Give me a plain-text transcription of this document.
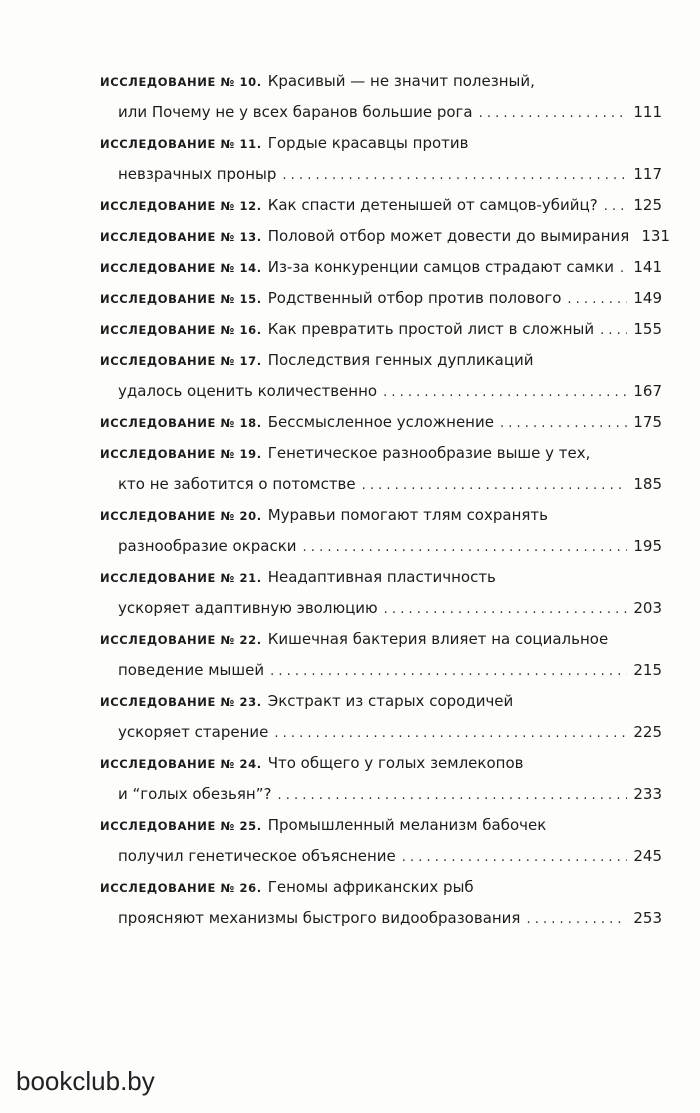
ИССЛЕДОВАНИЕ № 10. Красивый — не значит полезный,
или Почему не у всех баранов большие рога . . .	111
ИССЛЕДОВАНИЕ № 11. Гордые красавцы против
невзрачных проныр . . .	117
ИССЛЕДОВАНИЕ № 12. Как спасти детенышей от самцов-убийц? . . . 125
ИССЛЕДОВАНИЕ № 13. Половой отбор может довести до вымирания 131
ИССЛЕДОВАНИЕ № 14. Из-за конкуренции самцов страдают самки . . . 141
ИССЛЕДОВАНИЕ № 15. Родственный отбор против полового . . .	149
ИССЛЕДОВАНИЕ № 16. Как превратить простой лист в сложный . . .	155
ИССЛЕДОВАНИЕ № 17. Последствия генных дупликаций
удалось оценить количественно . . .	167
ИССЛЕДОВАНИЕ № 18. Бессмысленное усложнение . . .	175
ИССЛЕДОВАНИЕ № 19. Генетическое разнообразие выше у тех,
кто не заботится о потомстве . . .	185
ИССЛЕДОВАНИЕ № 20. Муравьи помогают тлям сохранять
разнообразие окраски . . .	195
ИССЛЕДОВАНИЕ № 21. Неадаптивная пластичность
ускоряет адаптивную эволюцию . . .	203
ИССЛЕДОВАНИЕ № 22. Кишечная бактерия влияет на социальное
поведение мышей . . .	215
ИССЛЕДОВАНИЕ № 23. Экстракт из старых сородичей
ускоряет старение . . .	225
ИССЛЕДОВАНИЕ № 24. Что общего у голых землекопов
и “голых обезьян”? . . .	233
ИССЛЕДОВАНИЕ № 25. Промышленный меланизм бабочек
получил генетическое объяснение . . .	245
ИССЛЕДОВАНИЕ № 26. Геномы африканских рыб
проясняют механизмы быстрого видообразования . . .	253
bookclub.by
